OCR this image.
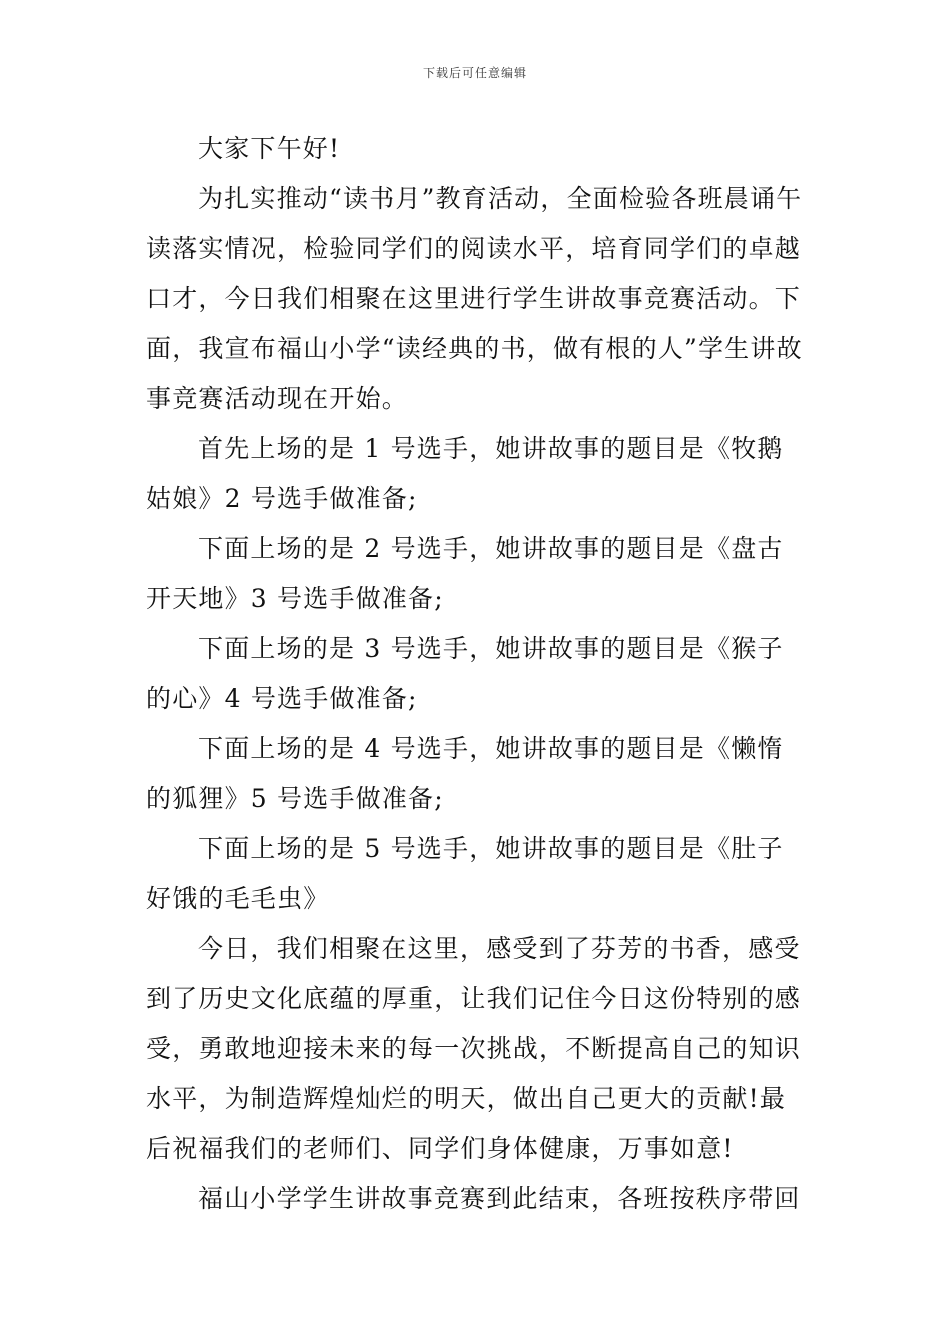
下载后可任意编辑

大家下午好!

为扎实推动“读书月”教育活动，全面检验各班晨诵午读落实情况，检验同学们的阅读水平，培育同学们的卓越口才，今日我们相聚在这里进行学生讲故事竞赛活动。下面，我宣布福山小学“读经典的书，做有根的人”学生讲故事竞赛活动现在开始。

首先上场的是 1 号选手，她讲故事的题目是《牧鹅姑娘》2 号选手做准备;

下面上场的是 2 号选手，她讲故事的题目是《盘古开天地》3 号选手做准备;

下面上场的是 3 号选手，她讲故事的题目是《猴子的心》4 号选手做准备;

下面上场的是 4 号选手，她讲故事的题目是《懒惰的狐狸》5 号选手做准备;

下面上场的是 5 号选手，她讲故事的题目是《肚子好饿的毛毛虫》

今日，我们相聚在这里，感受到了芬芳的书香，感受到了历史文化底蕴的厚重，让我们记住今日这份特别的感受，勇敢地迎接未来的每一次挑战，不断提高自己的知识水平，为制造辉煌灿烂的明天，做出自己更大的贡献!最后祝福我们的老师们、同学们身体健康，万事如意!

福山小学学生讲故事竞赛到此结束，各班按秩序带回
